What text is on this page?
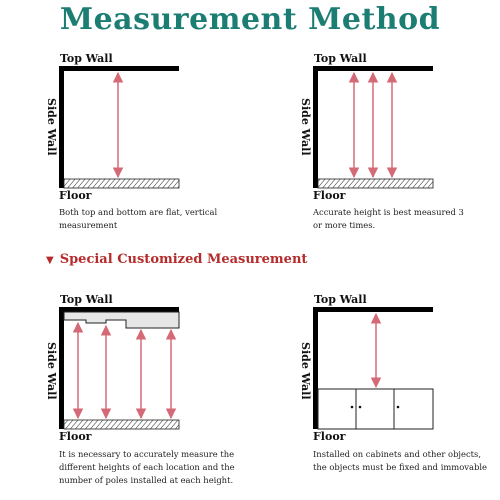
Measurement Method
Top Wall
Side Wall
Floor
Both top and bottom are flat, vertical
measurement
Top Wall
Side Wall
Floor
Accurate height is best measured 3
or more times.
▼ Special Customized Measurement
Top Wall
Side Wall
Floor
It is necessary to accurately measure the
different heights of each location and the
number of poles installed at each height.
Top Wall
Side Wall
Floor
Installed on cabinets and other objects,
the objects must be fixed and immovable
